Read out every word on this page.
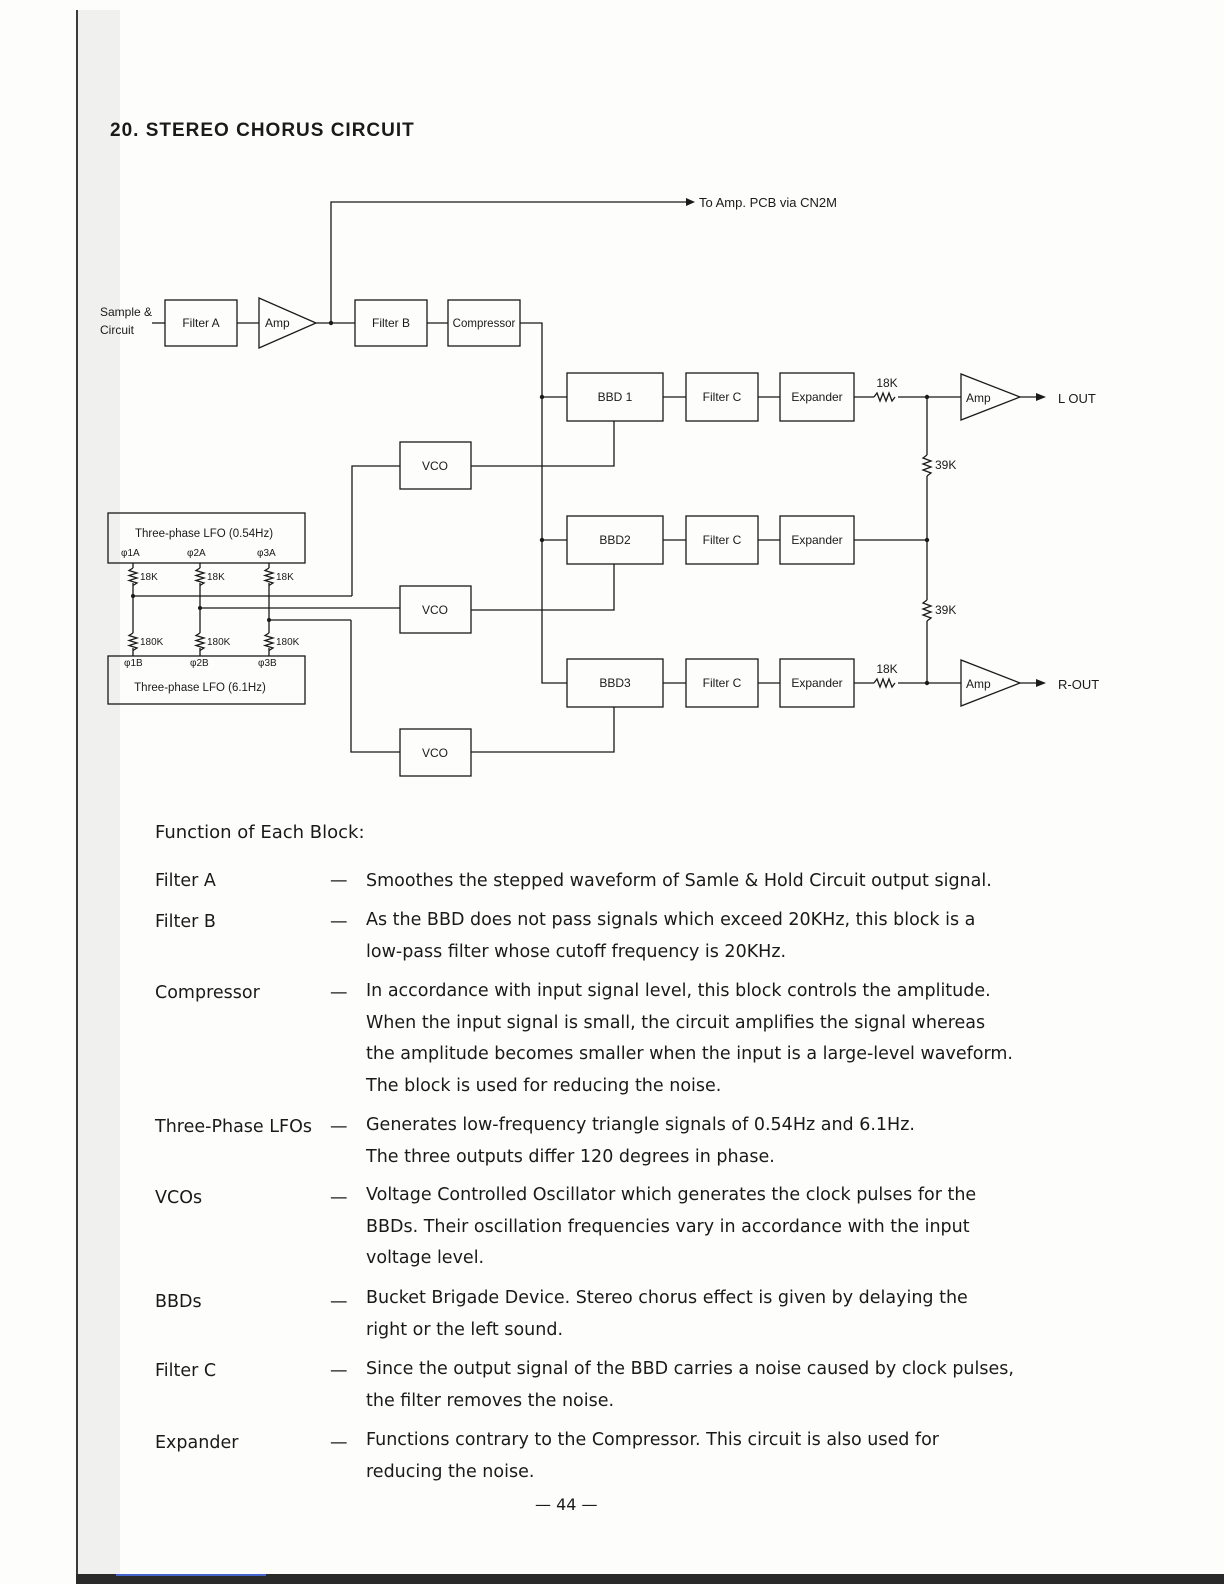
20. STEREO CHORUS CIRCUIT
Sample &
Circuit	Filter A	Amp	Filter B	Compressor
To Amp. PCB via CN2M
BBD 1	Filter C	Expander
18K
Amp	L OUT
BBD2	Filter C	Expander
BBD3	Filter C	Expander
18K
Amp	R-OUT
39K
39K
VCO
VCO
VCO
Three-phase LFO (0.54Hz)
φ1A	φ2A	φ3A
φ1B	φ2B	φ3B
Three-phase LFO (6.1Hz)
18K
180K
18K
180K
18K
180K
Function of Each Block:
Filter A	— Smoothes the stepped waveform of Samle & Hold Circuit output signal.
Filter B	— As the BBD does not pass signals which exceed 20KHz, this block is a
low-pass filter whose cutoff frequency is 20KHz.
Compressor	— In accordance with input signal level, this block controls the amplitude.
When the input signal is small, the circuit amplifies the signal whereas
the amplitude becomes smaller when the input is a large-level waveform.
The block is used for reducing the noise.
Three-Phase LFOs	— Generates low-frequency triangle signals of 0.54Hz and 6.1Hz.
The three outputs differ 120 degrees in phase.
VCOs	— Voltage Controlled Oscillator which generates the clock pulses for the
BBDs. Their oscillation frequencies vary in accordance with the input
voltage level.
BBDs	— Bucket Brigade Device. Stereo chorus effect is given by delaying the
right or the left sound.
Filter C	— Since the output signal of the BBD carries a noise caused by clock pulses,
the filter removes the noise.
Expander	— Functions contrary to the Compressor. This circuit is also used for
reducing the noise.
— 44 —
